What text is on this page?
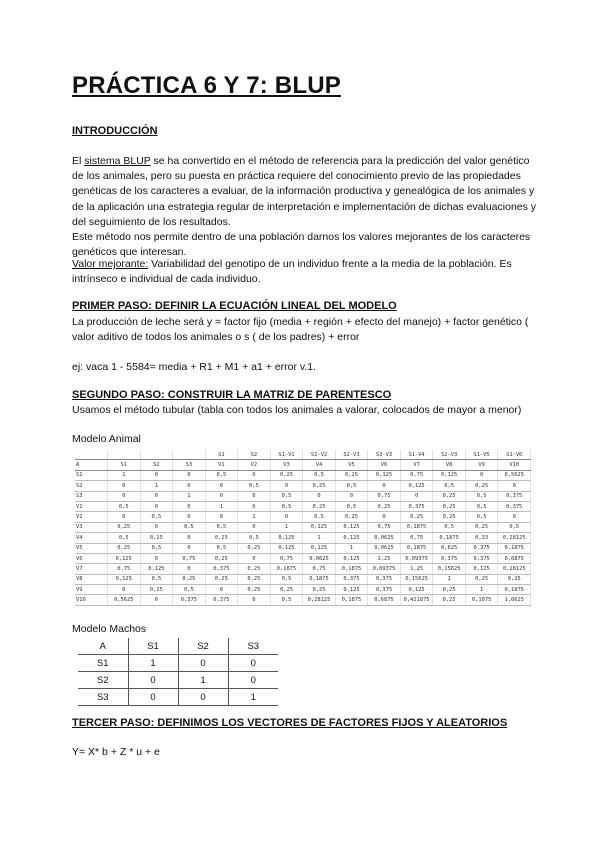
PRÁCTICA 6 Y 7: BLUP
INTRODUCCIÓN

El sistema BLUP se ha convertido en el método de referencia para la predicción del valor genético de los animales, pero su puesta en práctica requiere del conocimiento previo de las propiedades genéticas de los caracteres a evaluar, de la información productiva y genealógica de los animales y de la aplicación una estrategia regular de interpretación e implementación de dichas evaluaciones y del seguimiento de los resultados.

Este método nos permite dentro de una población darnos los valores mejorantes de los caracteres genéticos que interesan.

Valor mejorante: Variabilidad del genotipo de un individuo frente a la media de la población. Es intrínseco e individual de cada individuo.

PRIMER PASO: DEFINIR LA ECUACIÓN LINEAL DEL MODELO

La producción de leche será y = factor fijo (media + región + efecto del manejo) + factor genético ( valor aditivo de todos los animales o s ( de los padres) + error

ej: vaca 1 - 5584= media + R1 + M1 + a1 + error v.1.

SEGUNDO PASO: CONSTRUIR LA MATRIZ DE PARENTESCO

Usamos el método tubular (tabla con todos los animales a valorar, colocados de mayor a menor)

Modelo Animal

				S1	S2	S1-V1	S1-V2	S2-V3	S3-V3	S1-V4	S2-V3	S1-V5	S1-V6
A	S1	S2	S3	V1	V2	V3	V4	V5	V6	V7	V8	V9	V10
S1	1	0	0	0,5	0	0,25	0,5	0,25	0,125	0,75	0,125	0	0,5625
S2	0	1	0	0	0,5	0	0,25	0,5	0	0,125	0,5	0,25	0
S3	0	0	1	0	0	0,5	0	0	0,75	0	0,25	0,5	0,375
V1	0,5	0	0	1	0	0,5	0,25	0,5	0,25	0,375	0,25	0,5	0,375
V2	0	0,5	0	0	1	0	0,5	0,25	0	0,25	0,25	0,5	0
V3	0,25	0	0,5	0,5	0	1	0,125	0,125	0,75	0,1875	0,5	0,25	0,5
V4	0,5	0,25	0	0,25	0,5	0,125	1	0,125	0,0625	0,75	0,1875	0,33	0,28125
V5	0,25	0,5	0	0,5	0,25	0,125	0,125	1	0,0625	0,1875	0,625	0,375	0,1875
V6	0,125	0	0,75	0,25	0	0,75	0,0625	0,125	1,25	0,09375	0,375	0,375	0,6875
V7	0,75	0,125	0	0,375	0,25	0,1875	0,75	0,1875	0,09375	1,25	0,15625	0,125	0,28125
V8	0,125	0,5	0,25	0,25	0,25	0,5	0,1875	0,375	0,375	0,15625	1	0,25	0,25
V9	0	0,25	0,5	0	0,25	0,25	0,25	0,125	0,375	0,125	0,25	1	0,1875
V10	0,5625	0	0,375	0,375	0	0,5	0,28125	0,1875	0,6875	0,421875	0,25	0,1875	1,0625

Modelo Machos

A	S1	S2	S3
S1	1	0	0
S2	0	1	0
S3	0	0	1
TERCER PASO: DEFINIMOS LOS VECTORES DE FACTORES FIJOS Y ALEATORIOS

Y= X* b + Z * u + e
